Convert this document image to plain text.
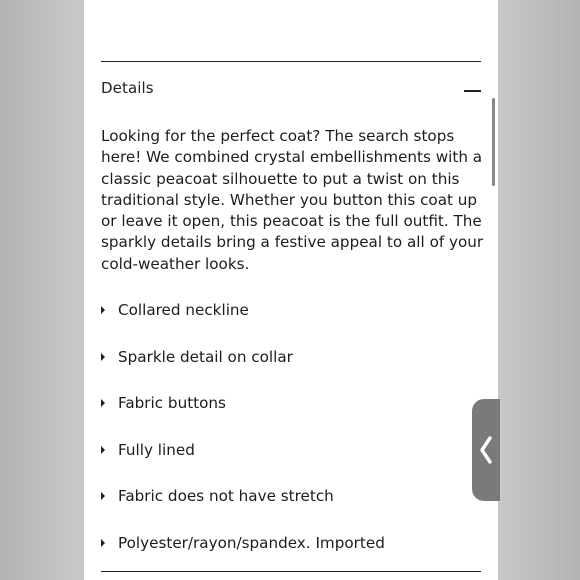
Details

Looking for the perfect coat? The search stops here! We combined crystal embellishments with a classic peacoat silhouette to put a twist on this traditional style. Whether you button this coat up or leave it open, this peacoat is the full outfit. The sparkly details bring a festive appeal to all of your cold-weather looks.

Collared neckline
Sparkle detail on collar
Fabric buttons
Fully lined
Fabric does not have stretch
Polyester/rayon/spandex. Imported
